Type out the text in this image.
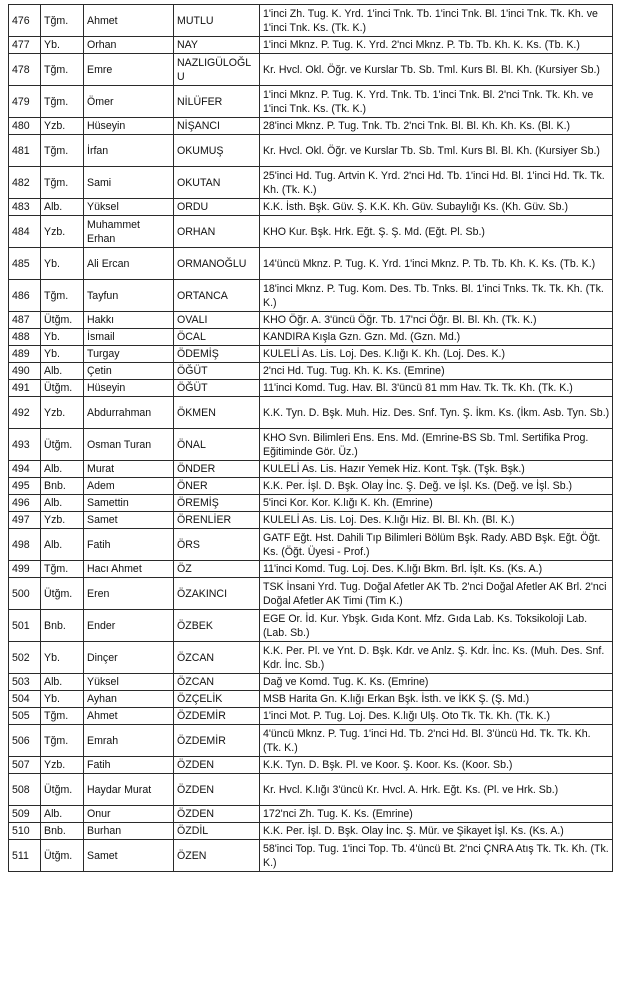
476	Tğm.	Ahmet	MUTLU	1'inci Zh. Tug. K. Yrd. 1'inci Tnk. Tb. 1'inci Tnk. Bl. 1'inci Tnk. Tk. Kh. ve 1'inci Tnk. Ks. (Tk. K.)
477	Yb.	Orhan	NAY	1'inci Mknz. P. Tug. K. Yrd. 2'nci Mknz. P. Tb. Tb. Kh. K. Ks. (Tb. K.)
478	Tğm.	Emre	NAZLIGÜLOĞLU	Kr. Hvcl. Okl. Öğr. ve Kurslar Tb. Sb. Tml. Kurs Bl. Bl. Kh. (Kursiyer Sb.)
479	Tğm.	Ömer	NİLÜFER	1'inci Mknz. P. Tug. K. Yrd. Tnk. Tb. 1'inci Tnk. Bl. 2'nci Tnk. Tk. Kh. ve 1'inci Tnk. Ks. (Tk. K.)
480	Yzb.	Hüseyin	NİŞANCI	28'inci Mknz. P. Tug. Tnk. Tb. 2'nci Tnk. Bl. Bl. Kh. Kh. Ks. (Bl. K.)
481	Tğm.	İrfan	OKUMUŞ	Kr. Hvcl. Okl. Öğr. ve Kurslar Tb. Sb. Tml. Kurs Bl. Bl. Kh. (Kursiyer Sb.)
482	Tğm.	Sami	OKUTAN	25'inci Hd. Tug. Artvin K. Yrd. 2'nci Hd. Tb. 1'inci Hd. Bl. 1'inci Hd. Tk. Tk. Kh. (Tk. K.)
483	Alb.	Yüksel	ORDU	K.K. İsth. Bşk. Güv. Ş. K.K. Kh. Güv. Subaylığı Ks. (Kh. Güv. Sb.)
484	Yzb.	Muhammet Erhan	ORHAN	KHO Kur. Bşk. Hrk. Eğt. Ş. Ş. Md. (Eğt. Pl. Sb.)
485	Yb.	Ali Ercan	ORMANOĞLU	14'üncü Mknz. P. Tug. K. Yrd. 1'inci Mknz. P. Tb. Tb. Kh. K. Ks. (Tb. K.)
486	Tğm.	Tayfun	ORTANCA	18'inci Mknz. P. Tug. Kom. Des. Tb. Tnks. Bl. 1'inci Tnks. Tk. Tk. Kh. (Tk. K.)
487	Ütğm.	Hakkı	OVALI	KHO Öğr. A. 3'üncü Öğr. Tb. 17'nci Öğr. Bl. Bl. Kh. (Tk. K.)
488	Yb.	İsmail	ÖCAL	KANDIRA Kışla Gzn. Gzn. Md. (Gzn. Md.)
489	Yb.	Turgay	ÖDEMİŞ	KULELİ As. Lis. Loj. Des. K.lığı K. Kh. (Loj. Des. K.)
490	Alb.	Çetin	ÖĞÜT	2'nci Hd. Tug. Tug. Kh. K. Ks. (Emrine)
491	Ütğm.	Hüseyin	ÖĞÜT	11'inci Komd. Tug. Hav. Bl. 3'üncü 81 mm Hav. Tk. Tk. Kh. (Tk. K.)
492	Yzb.	Abdurrahman	ÖKMEN	K.K. Tyn. D. Bşk. Muh. Hiz. Des. Snf. Tyn. Ş. İkm. Ks. (İkm. Asb. Tyn. Sb.)
493	Ütğm.	Osman Turan	ÖNAL	KHO Svn. Bilimleri Ens. Ens. Md. (Emrine-BS Sb. Tml. Sertifika Prog. Eğitiminde Gör. Üz.)
494	Alb.	Murat	ÖNDER	KULELİ As. Lis. Hazır Yemek Hiz. Kont. Tşk. (Tşk. Bşk.)
495	Bnb.	Adem	ÖNER	K.K. Per. İşl. D. Bşk. Olay İnc. Ş. Değ. ve İşl. Ks. (Değ. ve İşl. Sb.)
496	Alb.	Samettin	ÖREMİŞ	5'inci Kor. Kor. K.lığı K. Kh. (Emrine)
497	Yzb.	Samet	ÖRENLİER	KULELİ As. Lis. Loj. Des. K.lığı Hiz. Bl. Bl. Kh. (Bl. K.)
498	Alb.	Fatih	ÖRS	GATF Eğt. Hst. Dahili Tıp Bilimleri Bölüm Bşk. Rady. ABD Bşk. Eğt. Öğt. Ks. (Öğt. Üyesi - Prof.)
499	Tğm.	Hacı Ahmet	ÖZ	11'inci Komd. Tug. Loj. Des. K.lığı Bkm. Brl. İşlt. Ks. (Ks. A.)
500	Ütğm.	Eren	ÖZAKINCI	TSK İnsani Yrd. Tug. Doğal Afetler AK Tb. 2'nci Doğal Afetler AK Brl. 2'nci Doğal Afetler AK Timi (Tim K.)
501	Bnb.	Ender	ÖZBEK	EGE Or. İd. Kur. Ybşk. Gıda Kont. Mfz. Gıda Lab. Ks. Toksikoloji Lab. (Lab. Sb.)
502	Yb.	Dinçer	ÖZCAN	K.K. Per. Pl. ve Ynt. D. Bşk. Kdr. ve Anlz. Ş. Kdr. İnc. Ks. (Muh. Des. Snf. Kdr. İnc. Sb.)
503	Alb.	Yüksel	ÖZCAN	Dağ ve Komd. Tug. K. Ks. (Emrine)
504	Yb.	Ayhan	ÖZÇELİK	MSB Harita Gn. K.lığı Erkan Bşk. İsth. ve İKK Ş. (Ş. Md.)
505	Tğm.	Ahmet	ÖZDEMİR	1'inci Mot. P. Tug. Loj. Des. K.lığı Ulş. Oto Tk. Tk. Kh. (Tk. K.)
506	Tğm.	Emrah	ÖZDEMİR	4'üncü Mknz. P. Tug. 1'inci Hd. Tb. 2'nci Hd. Bl. 3'üncü Hd. Tk. Tk. Kh. (Tk. K.)
507	Yzb.	Fatih	ÖZDEN	K.K. Tyn. D. Bşk. Pl. ve Koor. Ş. Koor. Ks. (Koor. Sb.)
508	Ütğm.	Haydar Murat	ÖZDEN	Kr. Hvcl. K.lığı 3'üncü Kr. Hvcl. A. Hrk. Eğt. Ks. (Pl. ve Hrk. Sb.)
509	Alb.	Onur	ÖZDEN	172'nci Zh. Tug. K. Ks. (Emrine)
510	Bnb.	Burhan	ÖZDİL	K.K. Per. İşl. D. Bşk. Olay İnc. Ş. Mür. ve Şikayet İşl. Ks. (Ks. A.)
511	Ütğm.	Samet	ÖZEN	58'inci Top. Tug. 1'inci Top. Tb. 4'üncü Bt. 2'nci ÇNRA Atış Tk. Tk. Kh. (Tk. K.)
